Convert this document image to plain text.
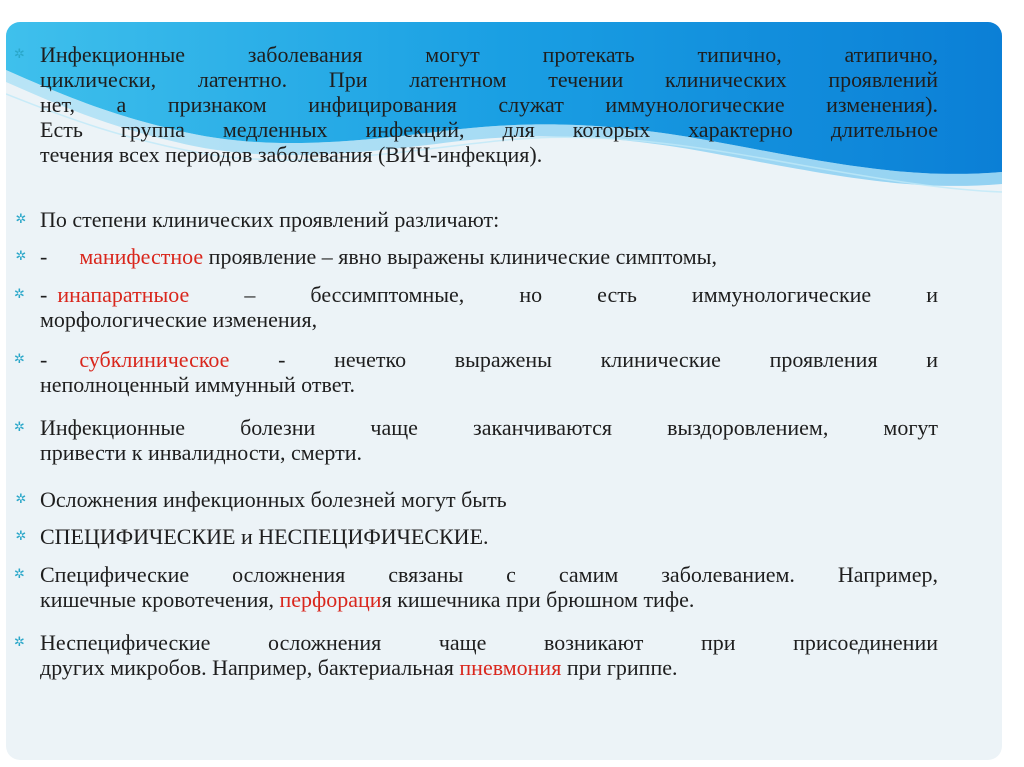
✲ Инфекционные заболевания могут протекать типично, атипично,
циклически, латентно. При латентном течении клинических проявлений
нет, а признаком инфицирования служат иммунологические изменения).
Есть группа медленных инфекций, для которых характерно длительное
течения всех периодов заболевания (ВИЧ-инфекция).
✲ По степени клинических проявлений различают:
✲ - манифестное проявление – явно выражены клинические симптомы,
✲ - инапаратныое	– бессимптомные, но есть иммунологические и
морфологические изменения,
✲ - субклиническое - нечетко выражены клинические проявления и
неполноценный иммунный ответ.
✲ Инфекционные болезни чаще заканчиваются выздоровлением, могут
привести к инвалидности, смерти.
✲ Осложнения инфекционных болезней могут быть
✲ СПЕЦИФИЧЕСКИЕ и НЕСПЕЦИФИЧЕСКИЕ.
✲ Специфические осложнения связаны с самим заболеванием. Например,
кишечные кровотечения, перфорация кишечника при брюшном тифе.
✲ Неспецифические осложнения чаще возникают при присоединении
других микробов. Например, бактериальная пневмония при гриппе.
